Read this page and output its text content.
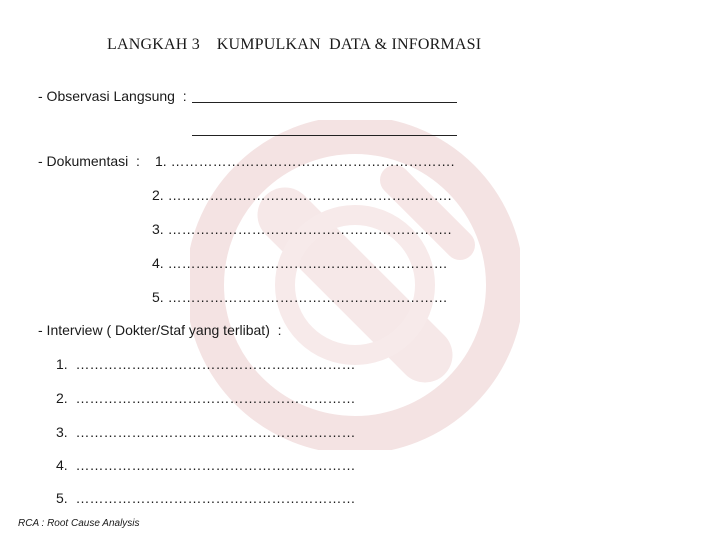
LANGKAH 3    KUMPULKAN  DATA & INFORMASI
- Observasi Langsung  :
- Dokumentasi  : 1. …………………………………………………….
2. …………………………………………………….
3. …………………………………………………….
4. ……………………………………………………
5. ……………………………………………………
- Interview ( Dokter/Staf yang terlibat)  :
1.  ……………………………………………………
2.  ……………………………………………………
3.  ……………………………………………………
4.  ……………………………………………………
5.  ……………………………………………………
RCA : Root Cause Analysis
